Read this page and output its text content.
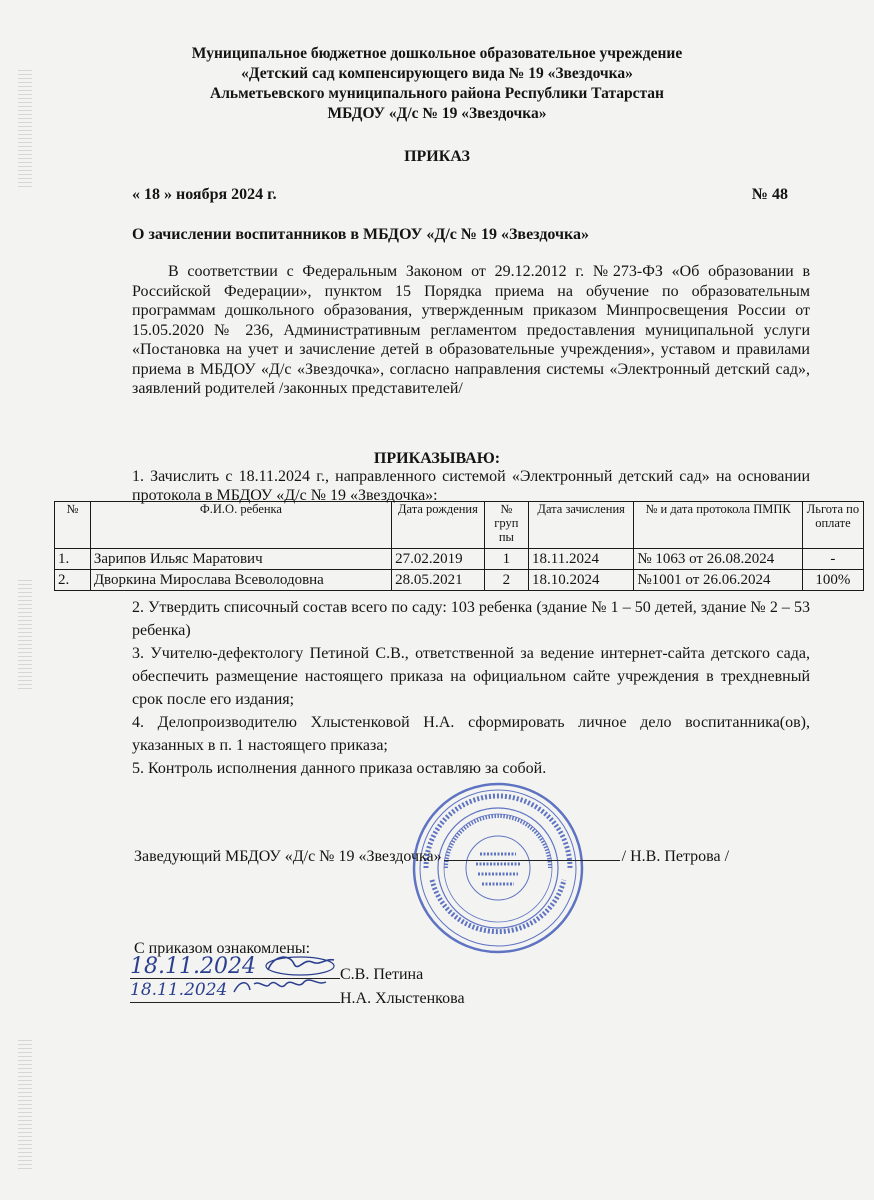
Муниципальное бюджетное дошкольное образовательное учреждение
«Детский сад компенсирующего вида № 19 «Звездочка»
Альметьевского муниципального района Республики Татарстан
МБДОУ «Д/с № 19 «Звездочка»
ПРИКАЗ
« 18 » ноября 2024 г.	№ 48
О зачислении воспитанников в МБДОУ «Д/с № 19 «Звездочка»
В соответствии с Федеральным Законом от 29.12.2012 г. №273-ФЗ «Об образовании в Российской Федерации», пунктом 15 Порядка приема на обучение по образовательным программам дошкольного образования, утвержденным приказом Минпросвещения России от 15.05.2020 № 236, Административным регламентом предоставления муниципальной услуги «Постановка на учет и зачисление детей в образовательные учреждения», уставом и правилами приема в МБДОУ «Д/с «Звездочка», согласно направления системы «Электронный детский сад», заявлений родителей /законных представителей/
ПРИКАЗЫВАЮ:
1. Зачислить с 18.11.2024 г., направленного системой «Электронный детский сад» на основании протокола в МБДОУ «Д/с № 19 «Звездочка»:
№	Ф.И.О. ребенка	Дата рождения	№ груп пы	Дата зачисления	№ и дата протокола ПМПК	Льгота по оплате
1.	Зарипов Ильяс Маратович	27.02.2019	1	18.11.2024	№ 1063 от 26.08.2024	-
2.	Дворкина Мирослава Всеволодовна	28.05.2021	2	18.10.2024	№1001 от 26.06.2024	100%

2. Утвердить списочный состав всего по саду: 103 ребенка (здание № 1 – 50 детей, здание № 2 – 53 ребенка)

3. Учителю-дефектологу Петиной С.В., ответственной за ведение интернет-сайта детского сада, обеспечить размещение настоящего приказа на официальном сайте учреждения в трехдневный срок после его издания;

4. Делопроизводителю Хлыстенковой Н.А. сформировать личное дело воспитанника(ов), указанных в п. 1 настоящего приказа;

5. Контроль исполнения данного приказа оставляю за собой.

Заведующий МБДОУ «Д/с № 19 «Звездочка»	/ Н.В. Петрова /
С приказом ознакомлены:
18.11.2024	С.В. Петина
18.11.2024	Н.А. Хлыстенкова
